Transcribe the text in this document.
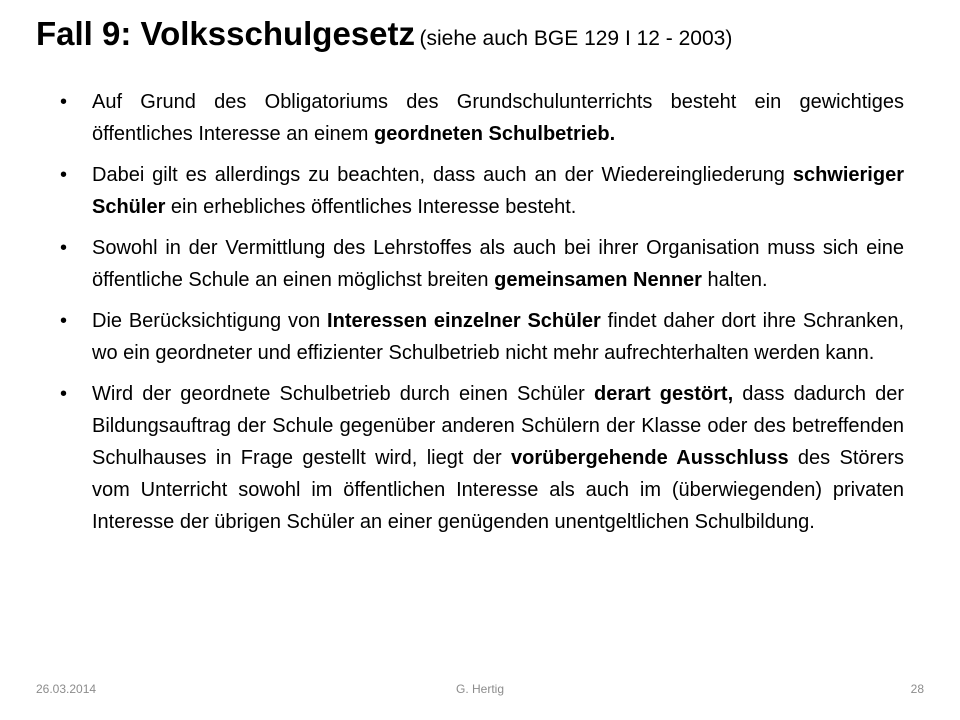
Fall 9: Volksschulgesetz (siehe auch BGE 129 I 12 - 2003)
• Auf Grund des Obligatoriums des Grundschulunterrichts besteht ein gewichtiges öffentliches Interesse an einem geordneten Schulbetrieb.
• Dabei gilt es allerdings zu beachten, dass auch an der Wiedereingliederung schwieriger Schüler ein erhebliches öffentliches Interesse besteht.
• Sowohl in der Vermittlung des Lehrstoffes als auch bei ihrer Organisation muss sich eine öffentliche Schule an einen möglichst breiten gemeinsamen Nenner halten.
• Die Berücksichtigung von Interessen einzelner Schüler findet daher dort ihre Schranken, wo ein geordneter und effizienter Schulbetrieb nicht mehr aufrechterhalten werden kann.
• Wird der geordnete Schulbetrieb durch einen Schüler derart gestört, dass dadurch der Bildungsauftrag der Schule gegenüber anderen Schülern der Klasse oder des betreffenden Schulhauses in Frage gestellt wird, liegt der vorübergehende Ausschluss des Störers vom Unterricht sowohl im öffentlichen Interesse als auch im (überwiegenden) privaten Interesse der übrigen Schüler an einer genügenden unentgeltlichen Schulbildung.
26.03.2014	G. Hertig	28
